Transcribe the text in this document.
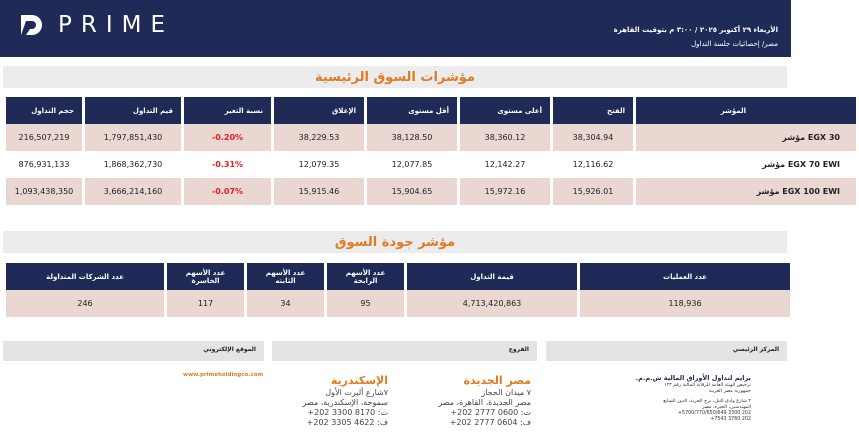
PRIME	الأربعاء ٢٩ أكتوبر ٢٠٢٥ / ٣:٠٠ م بتوقيت القاهرة
مصر/ إحصائيات جلسة التداول
مؤشرات السوق الرئيسية
حجم التداول	قيم التداول	نسبة التغير	الإغلاق	أقل مستوى	أعلى مستوى	الفتح	المؤشر
216,507,219	1,797,851,430	-0.20%	38,229.53	38,128.50	38,360.12	38,304.94	مؤشر EGX 30
876,931,133	1,868,362,730	-0.31%	12,079.35	12,077.85	12,142.27	12,116.62	مؤشر EGX 70 EWI
1,093,438,350	3,666,214,160	-0.07%	15,915.46	15,904.65	15,972.16	15,926.01	مؤشر EGX 100 EWI
مؤشر جودة السوق
عدد الشركات المتداولة	عدد الأسهم الخاسرة	عدد الأسهم الثابته	عدد الأسهم الرابحة	قيمة التداول	عدد العمليات
246	117	34	95	4,713,420,863	118,936
الموقع الإلكتروني	الفروع	المركز الرئيسي
www.primeholdingco.com	الإسكندرية
٧شارع ألبرت الأول
سموحة، الإسكندرية، مصر
ت: 8170 3300 202+
ف: 4622 3305 202+
مصر الجديدة
٧ ميدان الحجاز
مصر الجديدة، القاهرة، مصر
ت: 0600 2777 202+
ف: 0604 2777 202+
برايم لتداول الأوراق المالية ش.م.م.
ترخيص الهيئة العامة للرقابة المالية رقم ١٢٣
جمهورية مصر العربية
٢ شارع وادي النيل، برج الحرية، الدور السابع
المهندسين، الجيزة، مصر
202 3300 5700/770/650/649+
202 3760 7543+
